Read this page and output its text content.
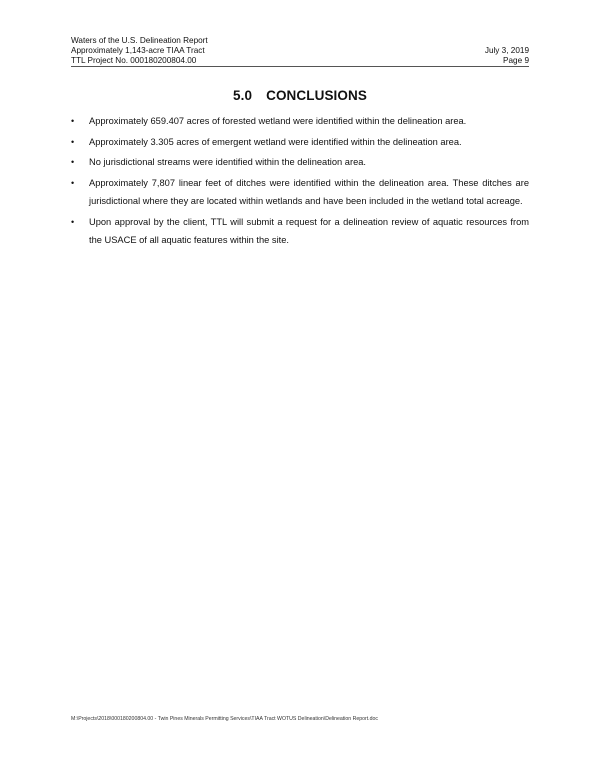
Waters of the U.S. Delineation Report
Approximately 1,143-acre TIAA Tract
TTL Project No. 000180200804.00
July 3, 2019
Page 9
5.0 CONCLUSIONS
•	Approximately 659.407 acres of forested wetland were identified within the delineation area.
•	Approximately 3.305 acres of emergent wetland were identified within the delineation area.
•	No jurisdictional streams were identified within the delineation area.
•	Approximately 7,807 linear feet of ditches were identified within the delineation area. These ditches are jurisdictional where they are located within wetlands and have been included in the wetland total acreage.
•	Upon approval by the client, TTL will submit a request for a delineation review of aquatic resources from the USACE of all aquatic features within the site.
M:\Projects\2018\000180200804.00 - Twin Pines Minerals Permitting Services\TIAA Tract WOTUS Delineation\Delineation Report.doc
